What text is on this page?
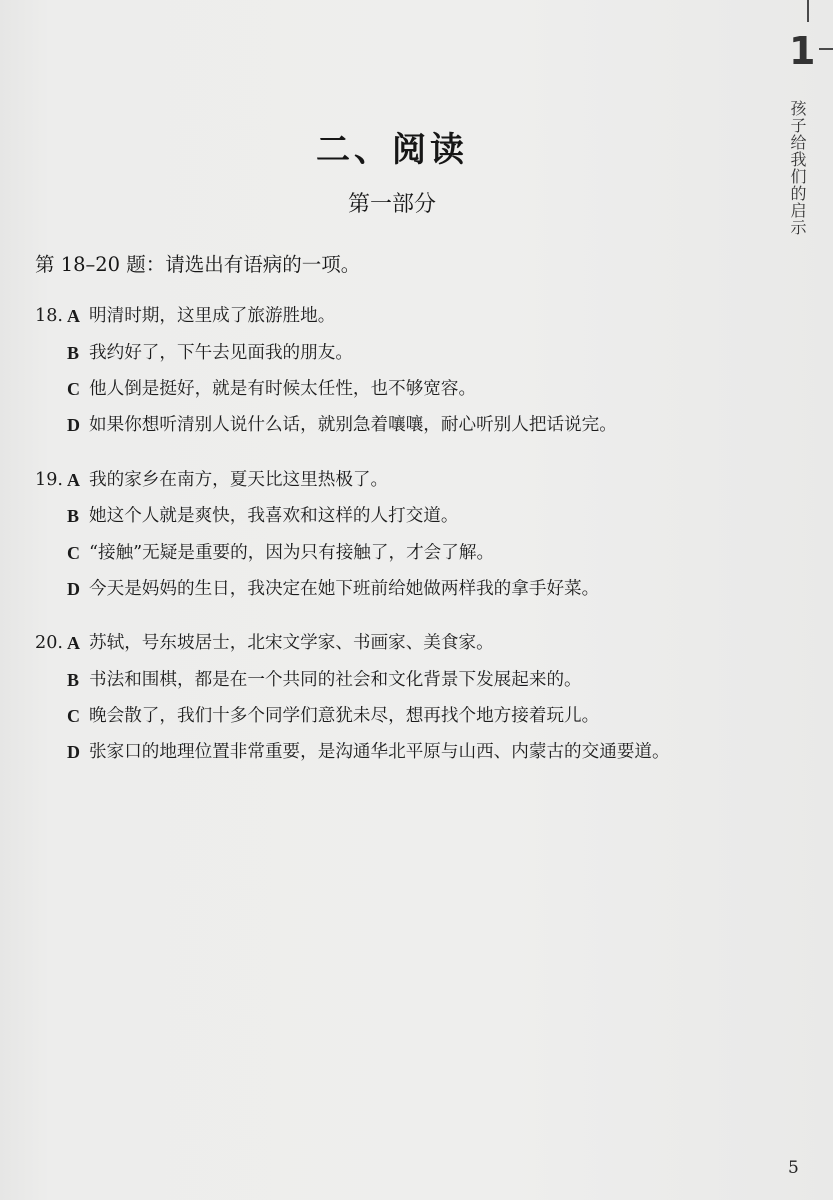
1
孩子给我们的启示
二、阅读
第一部分
第 18–20 题：请选出有语病的一项。
18. A 明清时期，这里成了旅游胜地。
B 我约好了，下午去见面我的朋友。
C 他人倒是挺好，就是有时候太任性，也不够宽容。
D 如果你想听清别人说什么话，就别急着嚷嚷，耐心听别人把话说完。
19. A 我的家乡在南方，夏天比这里热极了。
B 她这个人就是爽快，我喜欢和这样的人打交道。
C “接触”无疑是重要的，因为只有接触了，才会了解。
D 今天是妈妈的生日，我决定在她下班前给她做两样我的拿手好菜。
20. A 苏轼，号东坡居士，北宋文学家、书画家、美食家。
B 书法和围棋，都是在一个共同的社会和文化背景下发展起来的。
C 晚会散了，我们十多个同学们意犹未尽，想再找个地方接着玩儿。
D 张家口的地理位置非常重要，是沟通华北平原与山西、内蒙古的交通要道。
5
